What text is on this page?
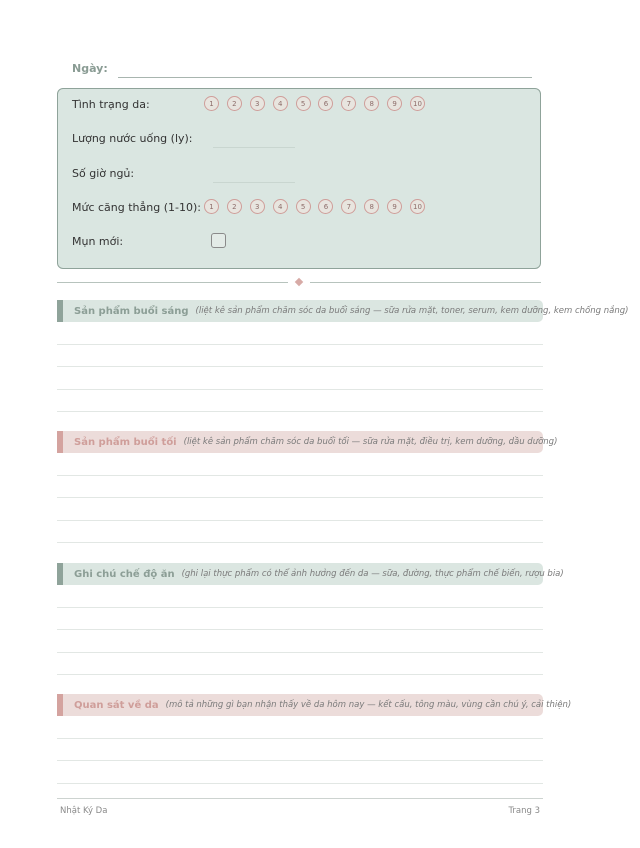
Ngày:
Tình trạng da:	1	2	3	4	5	6	7	8	9	10
Lượng nước uống (ly):
Số giờ ngủ:
Mức căng thẳng (1-10):	1	2	3	4	5	6	7	8	9	10
Mụn mới:
Sản phẩm buổi sáng (liệt kê sản phẩm chăm sóc da buổi sáng — sữa rửa mặt, toner, serum, kem dưỡng, kem chống nắng)
Sản phẩm buổi tối (liệt kê sản phẩm chăm sóc da buổi tối — sữa rửa mặt, điều trị, kem dưỡng, dầu dưỡng)
Ghi chú chế độ ăn (ghi lại thực phẩm có thể ảnh hưởng đến da — sữa, đường, thực phẩm chế biến, rượu bia)
Quan sát về da (mô tả những gì bạn nhận thấy về da hôm nay — kết cấu, tông màu, vùng cần chú ý, cải thiện)
Nhật Ký Da	Trang 3
